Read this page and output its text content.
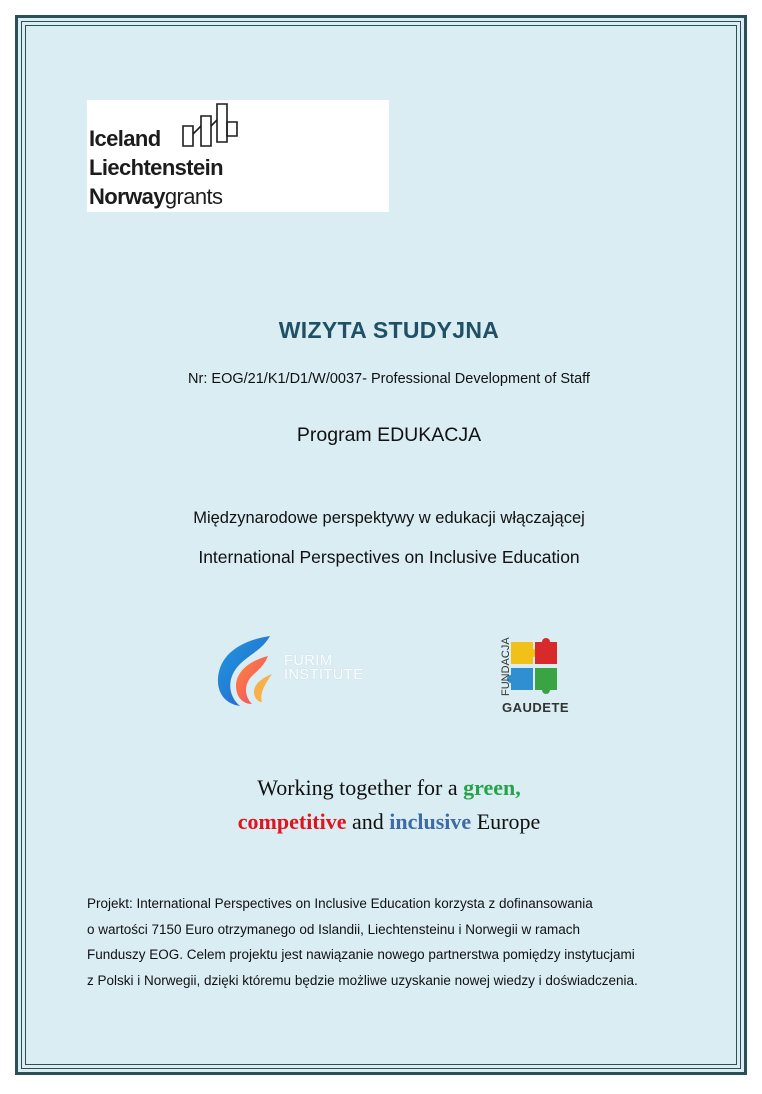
Iceland
Liechtenstein
Norwaygrants
WIZYTA STUDYJNA
Nr: EOG/21/K1/D1/W/0037- Professional Development of Staff
Program EDUKACJA
Międzynarodowe perspektywy w edukacji włączającej
International Perspectives on Inclusive Education
FURIM
INSTITUTE	FUNDACJA
GAUDETE
Working together for a green,
competitive and inclusive Europe
Projekt: International Perspectives on Inclusive Education korzysta z dofinansowania
o wartości 7150 Euro otrzymanego od Islandii, Liechtensteinu i Norwegii w ramach
Funduszy EOG. Celem projektu jest nawiązanie nowego partnerstwa pomiędzy instytucjami
z Polski i Norwegii, dzięki któremu będzie możliwe uzyskanie nowej wiedzy i doświadczenia.
